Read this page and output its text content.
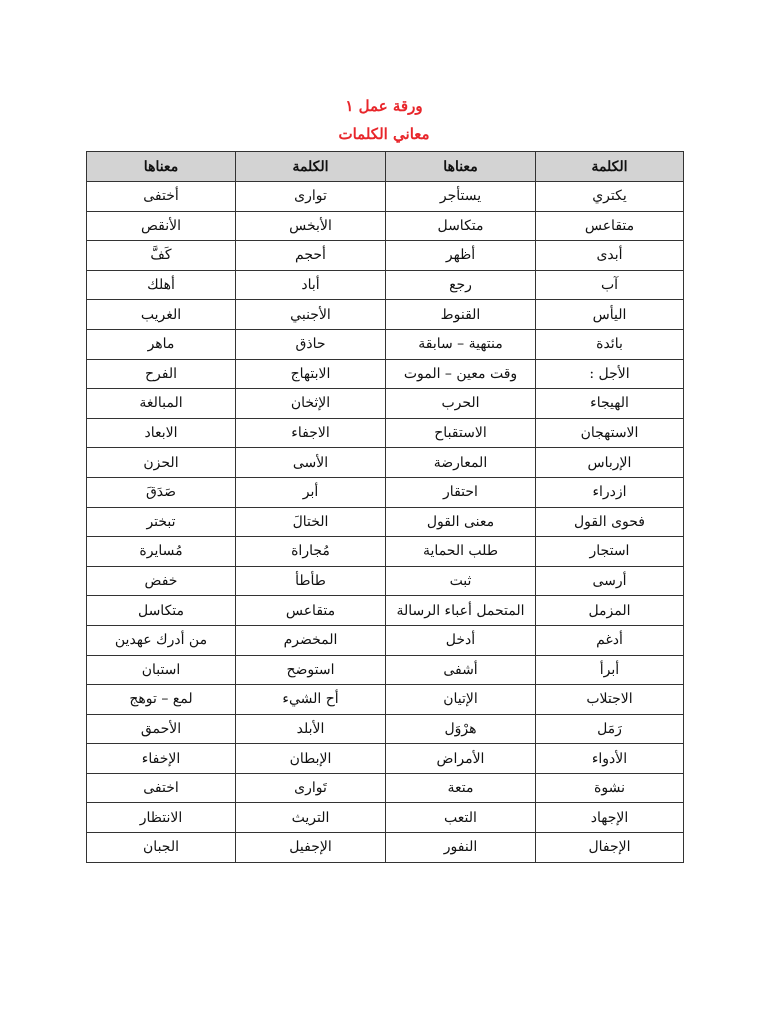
ورقة عمل ١
معاني الكلمات
الكلمة	معناها	الكلمة	معناها
يكتري	يستأجر	توارى	أختفى
متقاعس	متكاسل	الأبخس	الأنقص
أبدى	أظهر	أحجم	كَفَّ
آب	رجع	أباد	أهلك
اليأس	القنوط	الأجنبي	الغريب
بائدة	منتهية – سابقة	حاذق	ماهر
الأجل :	وقت معين – الموت	الابتهاج	الفرح
الهيجاء	الحرب	الإثخان	المبالغة
الاستهجان	الاستقباح	الاجفاء	الابعاد
الإرباس	المعارضة	الأسى	الحزن
ازدراء	احتقار	أبر	صَدَقَ
فحوى القول	معنى القول	الختالَ	تبختر
استجار	طلب الحماية	مُجاراة	مُسايرة
أرسى	ثبت	طأطأ	خفض
المزمل	المتحمل أعباء الرسالة	متقاعس	متكاسل
أدغم	أدخل	المخضرم	من أدرك عهدين
أبرأ	أشفى	استوضح	استبان
الاجتلاب	الإتيان	أح الشيء	لمع – توهج
رَمَل	هرْوَل	الأبلد	الأحمق
الأدواء	الأمراض	الإبطان	الإخفاء
نشوة	متعة	تَوارى	اختفى
الإجهاد	التعب	التريث	الانتظار
الإجفال	النفور	الإجفيل	الجبان
